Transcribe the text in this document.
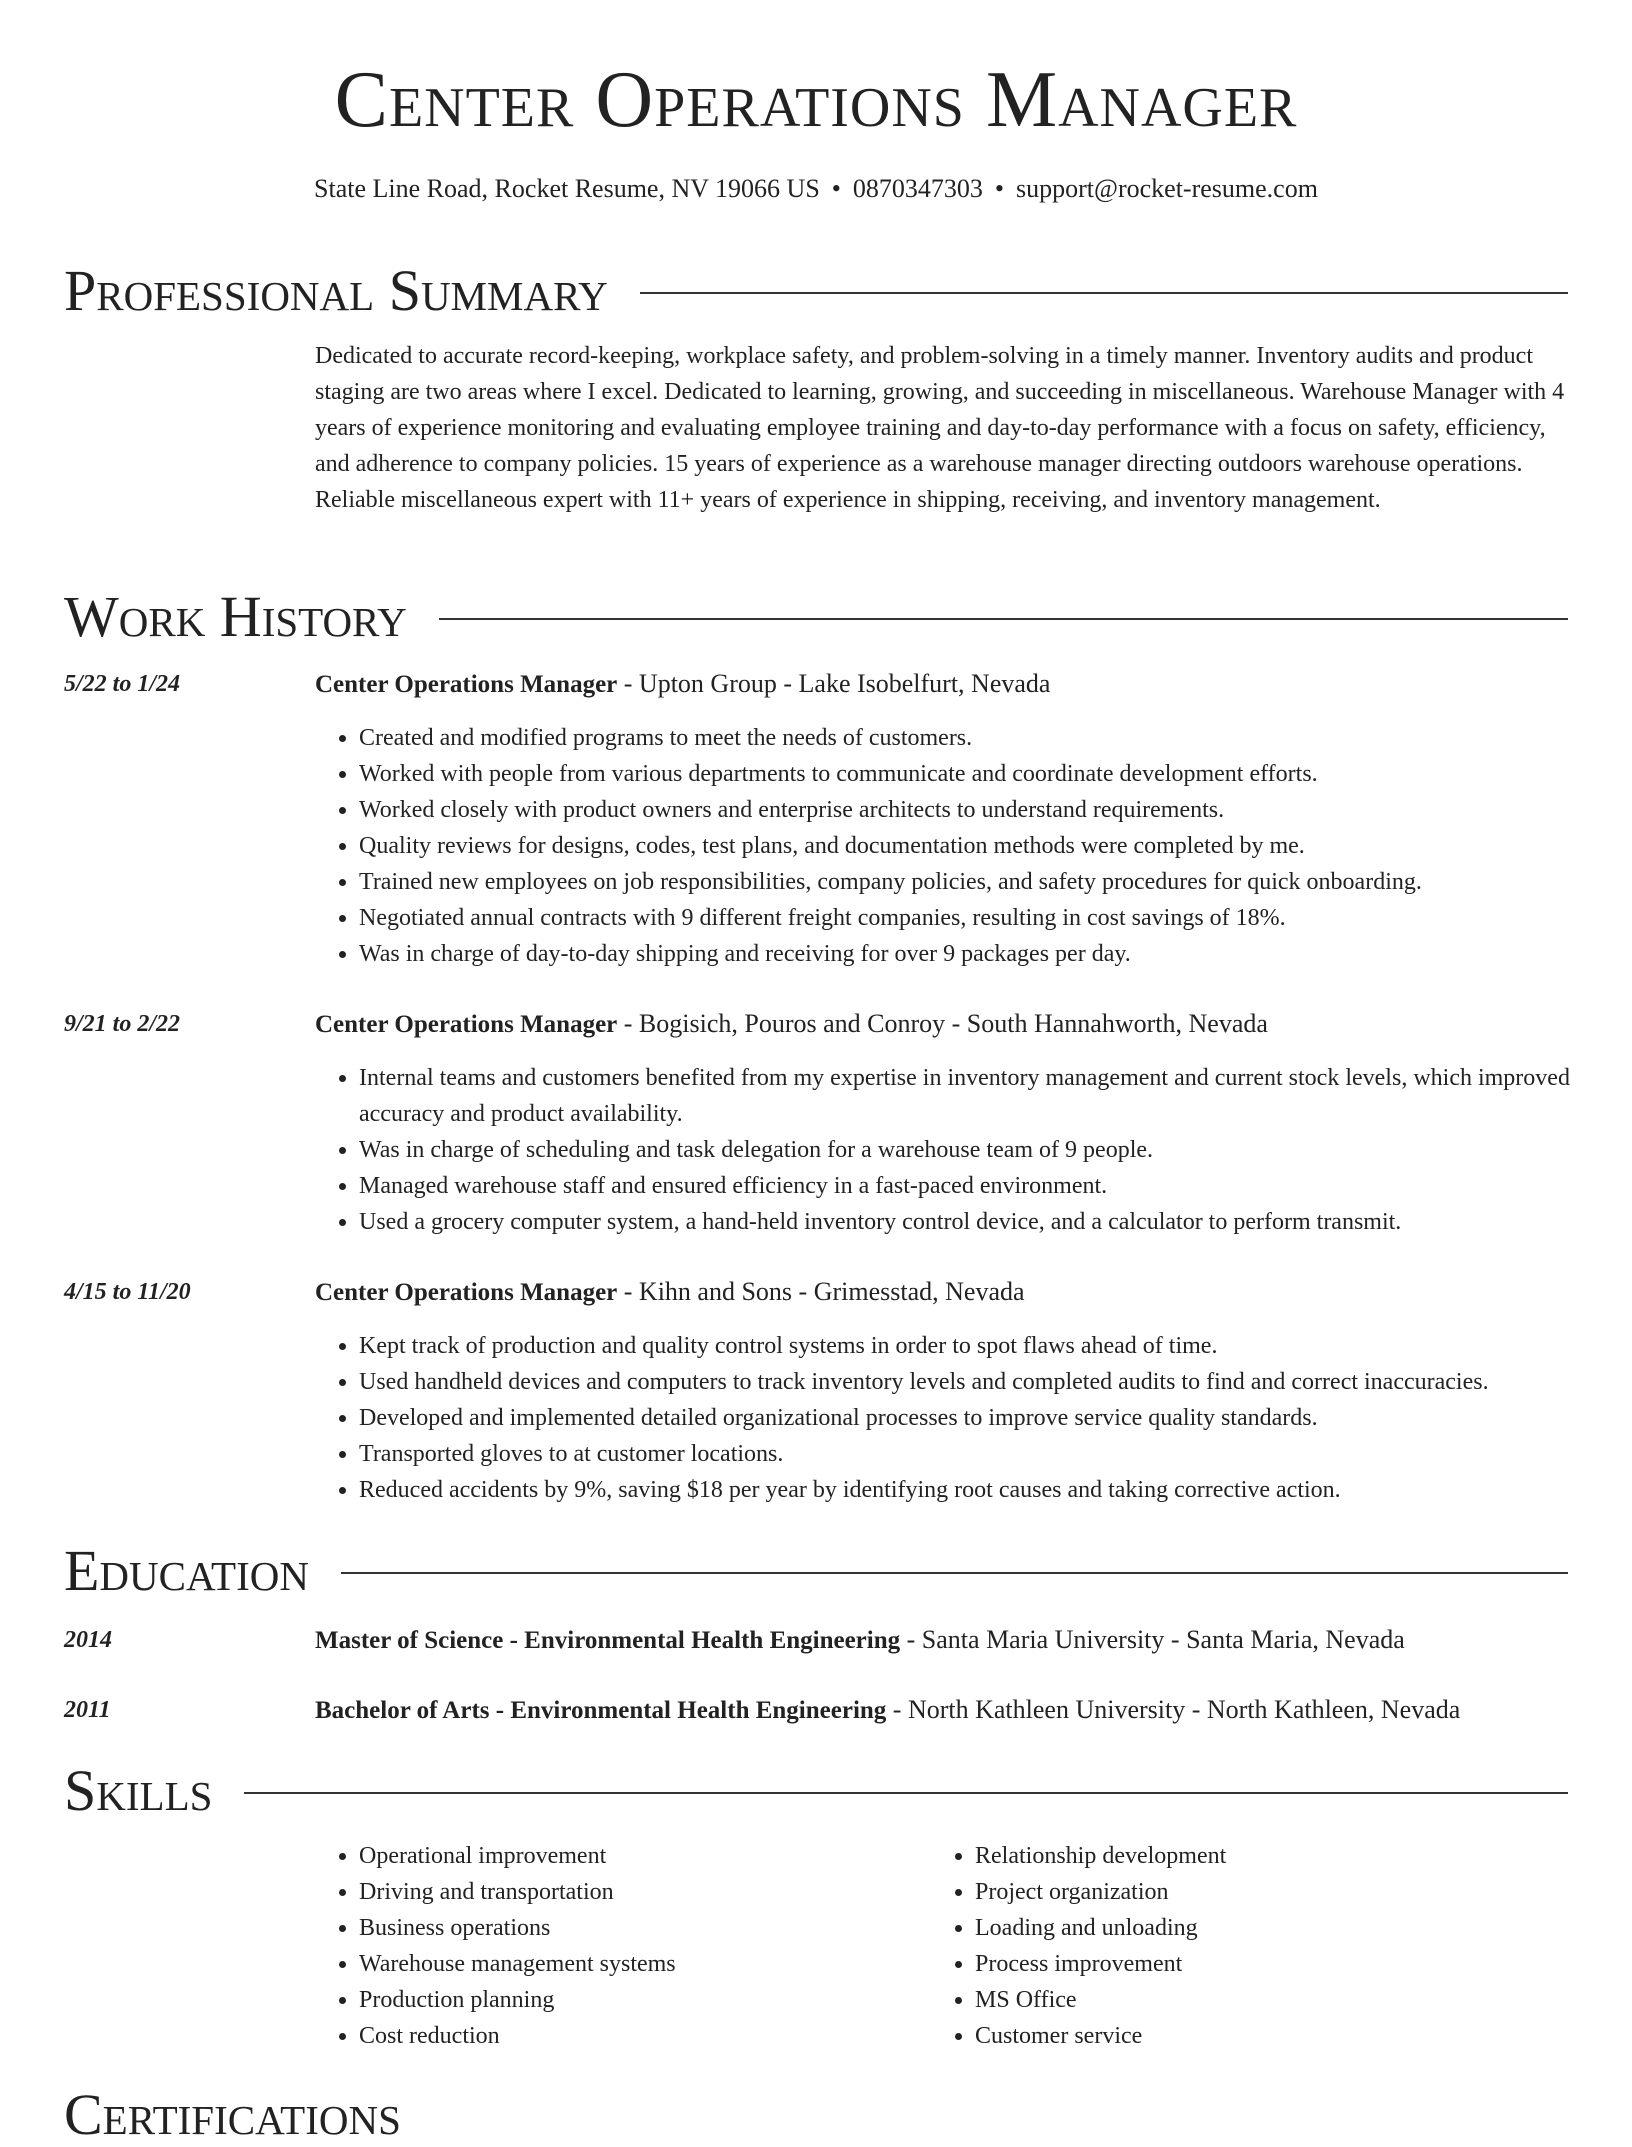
Center Operations Manager
State Line Road, Rocket Resume, NV 19066 US • 0870347303 • support@rocket-resume.com
Professional Summary

Dedicated to accurate record-keeping, workplace safety, and problem-solving in a timely manner. Inventory audits and product staging are two areas where I excel. Dedicated to learning, growing, and succeeding in miscellaneous. Warehouse Manager with 4 years of experience monitoring and evaluating employee training and day-to-day performance with a focus on safety, efficiency, and adherence to company policies. 15 years of experience as a warehouse manager directing outdoors warehouse operations. Reliable miscellaneous expert with 11+ years of experience in shipping, receiving, and inventory management.

Work History
5/22 to 1/24	Center Operations Manager - Upton Group - Lake Isobelfurt, Nevada
• Created and modified programs to meet the needs of customers.
• Worked with people from various departments to communicate and coordinate development efforts.
• Worked closely with product owners and enterprise architects to understand requirements.
• Quality reviews for designs, codes, test plans, and documentation methods were completed by me.
• Trained new employees on job responsibilities, company policies, and safety procedures for quick onboarding.
• Negotiated annual contracts with 9 different freight companies, resulting in cost savings of 18%.
• Was in charge of day-to-day shipping and receiving for over 9 packages per day.
9/21 to 2/22	Center Operations Manager - Bogisich, Pouros and Conroy - South Hannahworth, Nevada
• Internal teams and customers benefited from my expertise in inventory management and current stock levels, which improved accuracy and product availability.
• Was in charge of scheduling and task delegation for a warehouse team of 9 people.
• Managed warehouse staff and ensured efficiency in a fast-paced environment.
• Used a grocery computer system, a hand-held inventory control device, and a calculator to perform transmit.
4/15 to 11/20	Center Operations Manager - Kihn and Sons - Grimesstad, Nevada
• Kept track of production and quality control systems in order to spot flaws ahead of time.
• Used handheld devices and computers to track inventory levels and completed audits to find and correct inaccuracies.
• Developed and implemented detailed organizational processes to improve service quality standards.
• Transported gloves to at customer locations.
• Reduced accidents by 9%, saving $18 per year by identifying root causes and taking corrective action.
Education
2014	Master of Science - Environmental Health Engineering - Santa Maria University - Santa Maria, Nevada
2011	Bachelor of Arts - Environmental Health Engineering - North Kathleen University - North Kathleen, Nevada
Skills
• Operational improvement
• Driving and transportation
• Business operations
• Warehouse management systems
• Production planning
• Cost reduction
• Relationship development
• Project organization
• Loading and unloading
• Process improvement
• MS Office
• Customer service
Certifications
